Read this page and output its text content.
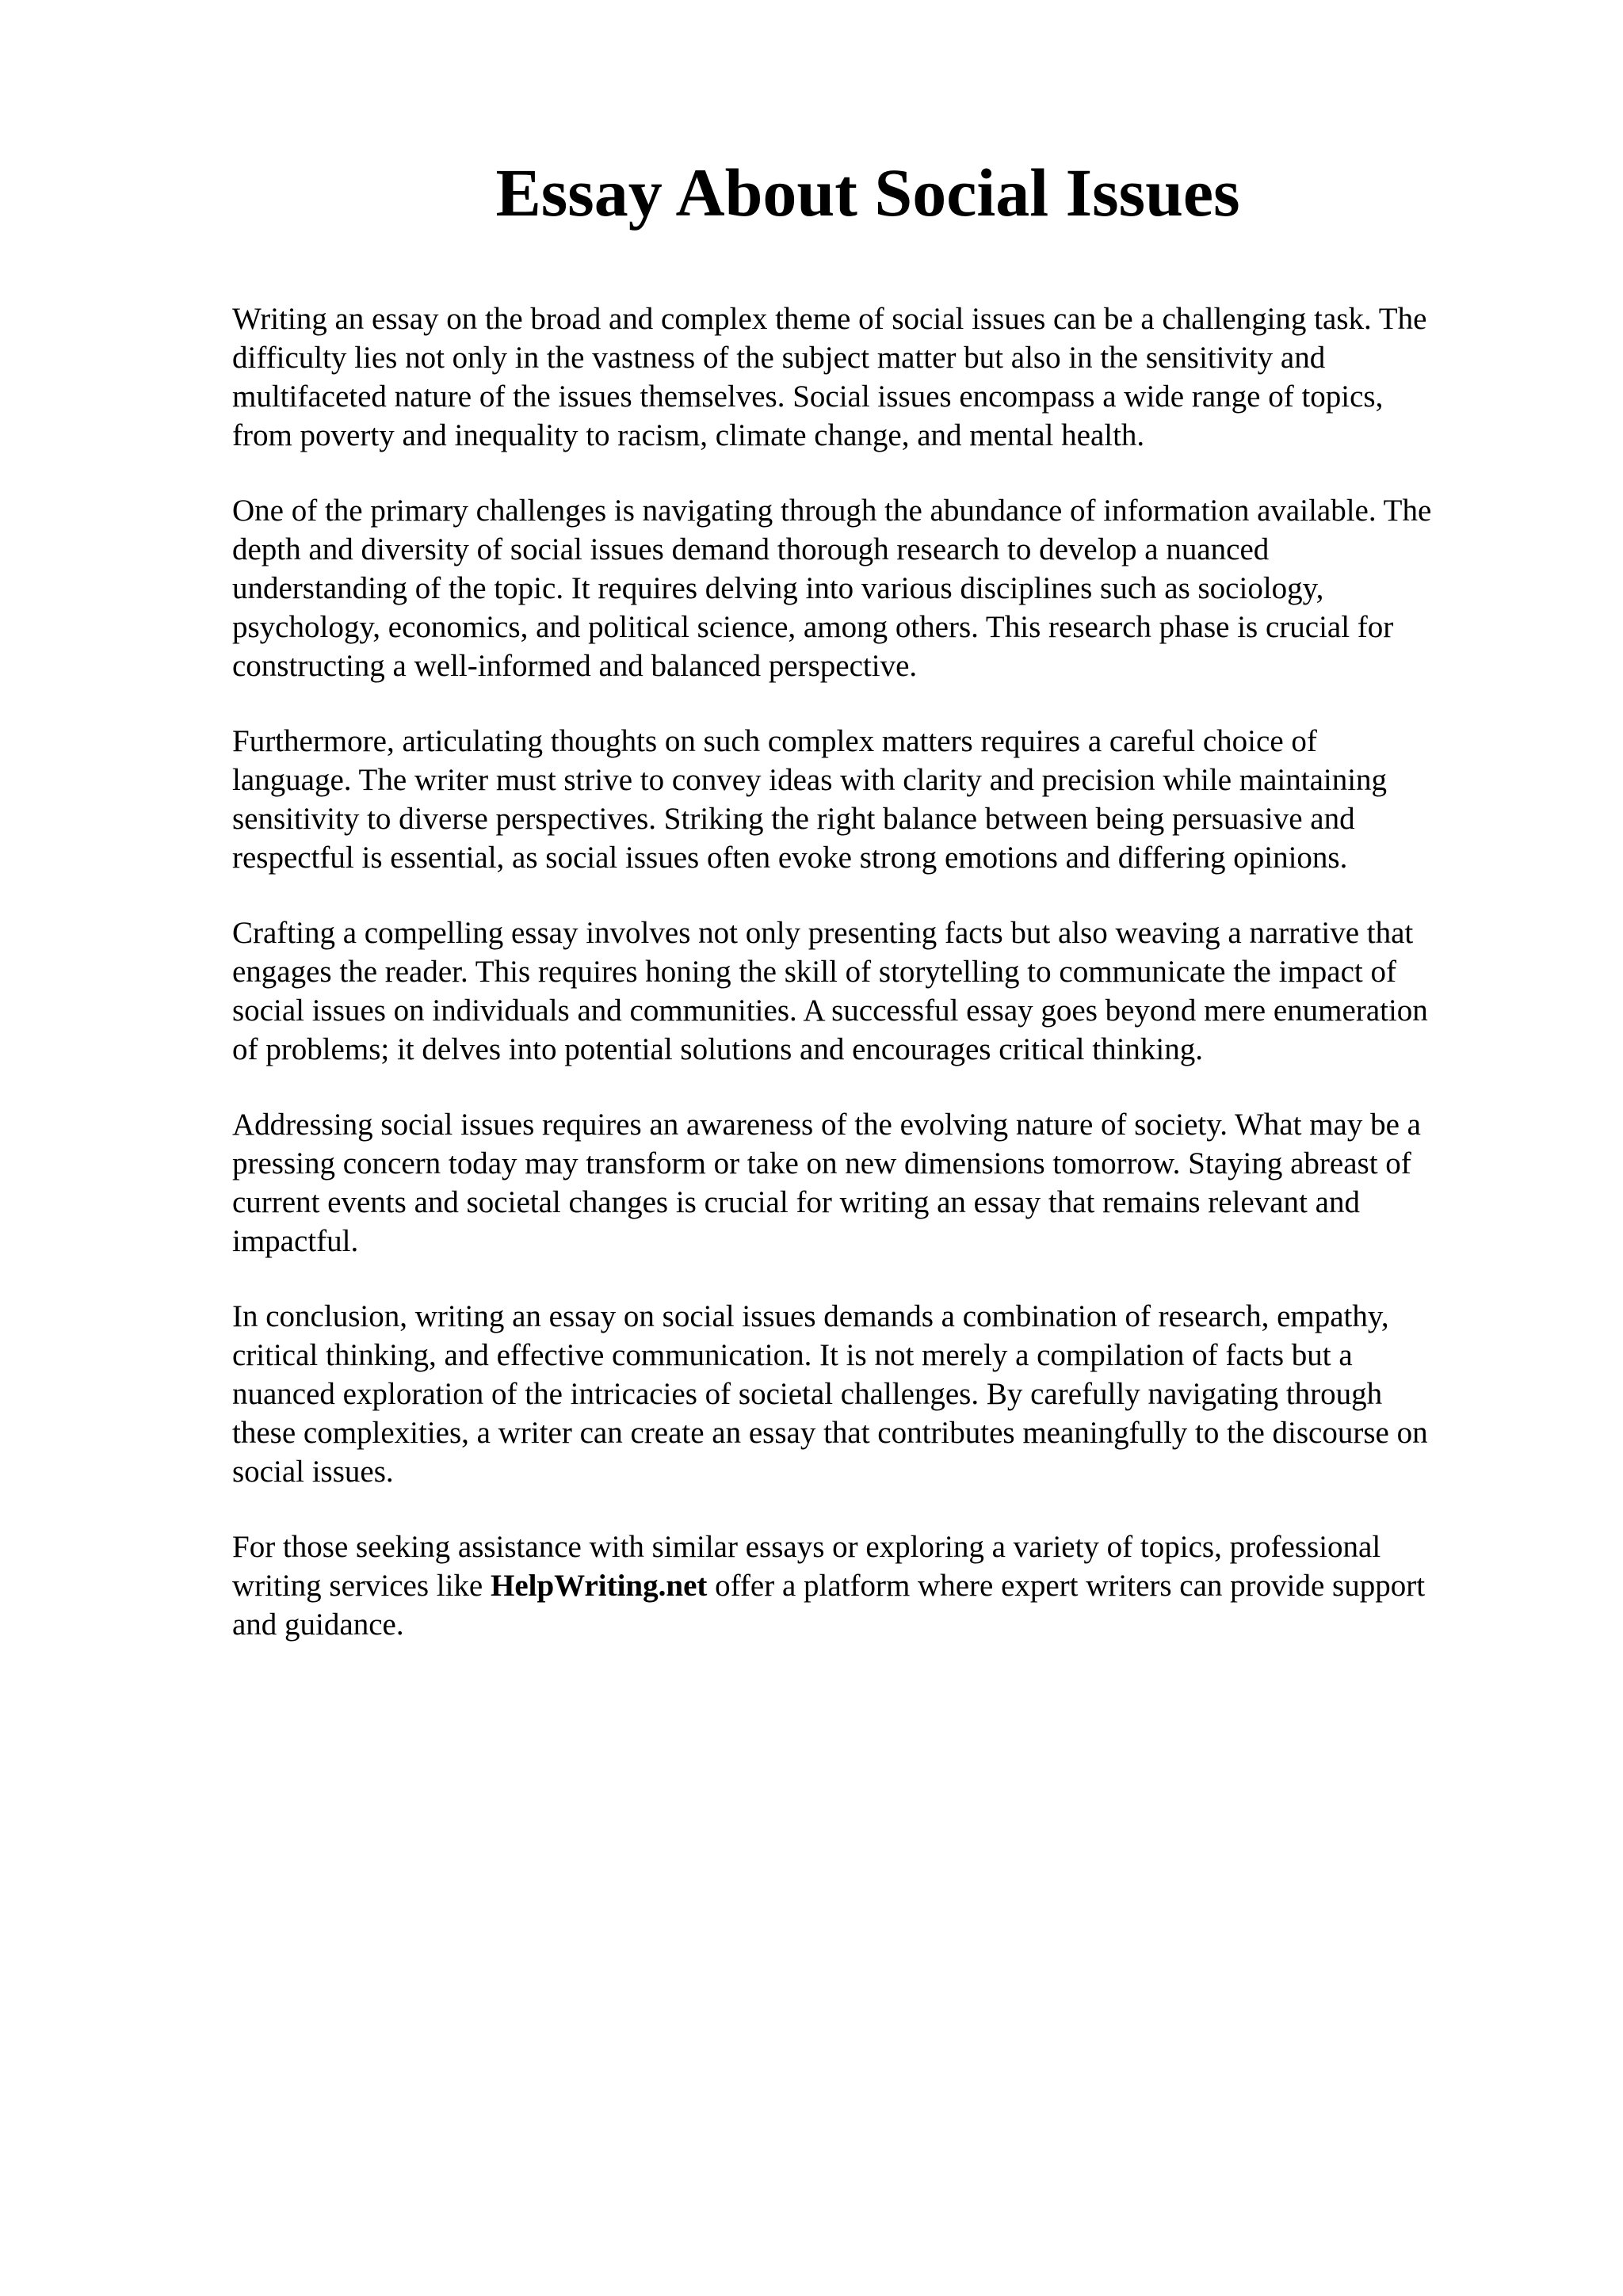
Essay About Social Issues

Writing an essay on the broad and complex theme of social issues can be a challenging task. The
difficulty lies not only in the vastness of the subject matter but also in the sensitivity and
multifaceted nature of the issues themselves. Social issues encompass a wide range of topics,
from poverty and inequality to racism, climate change, and mental health.

One of the primary challenges is navigating through the abundance of information available. The
depth and diversity of social issues demand thorough research to develop a nuanced
understanding of the topic. It requires delving into various disciplines such as sociology,
psychology, economics, and political science, among others. This research phase is crucial for
constructing a well-informed and balanced perspective.

Furthermore, articulating thoughts on such complex matters requires a careful choice of
language. The writer must strive to convey ideas with clarity and precision while maintaining
sensitivity to diverse perspectives. Striking the right balance between being persuasive and
respectful is essential, as social issues often evoke strong emotions and differing opinions.

Crafting a compelling essay involves not only presenting facts but also weaving a narrative that
engages the reader. This requires honing the skill of storytelling to communicate the impact of
social issues on individuals and communities. A successful essay goes beyond mere enumeration
of problems; it delves into potential solutions and encourages critical thinking.

Addressing social issues requires an awareness of the evolving nature of society. What may be a
pressing concern today may transform or take on new dimensions tomorrow. Staying abreast of
current events and societal changes is crucial for writing an essay that remains relevant and
impactful.

In conclusion, writing an essay on social issues demands a combination of research, empathy,
critical thinking, and effective communication. It is not merely a compilation of facts but a
nuanced exploration of the intricacies of societal challenges. By carefully navigating through
these complexities, a writer can create an essay that contributes meaningfully to the discourse on
social issues.

For those seeking assistance with similar essays or exploring a variety of topics, professional
writing services like HelpWriting.net offer a platform where expert writers can provide support
and guidance.
